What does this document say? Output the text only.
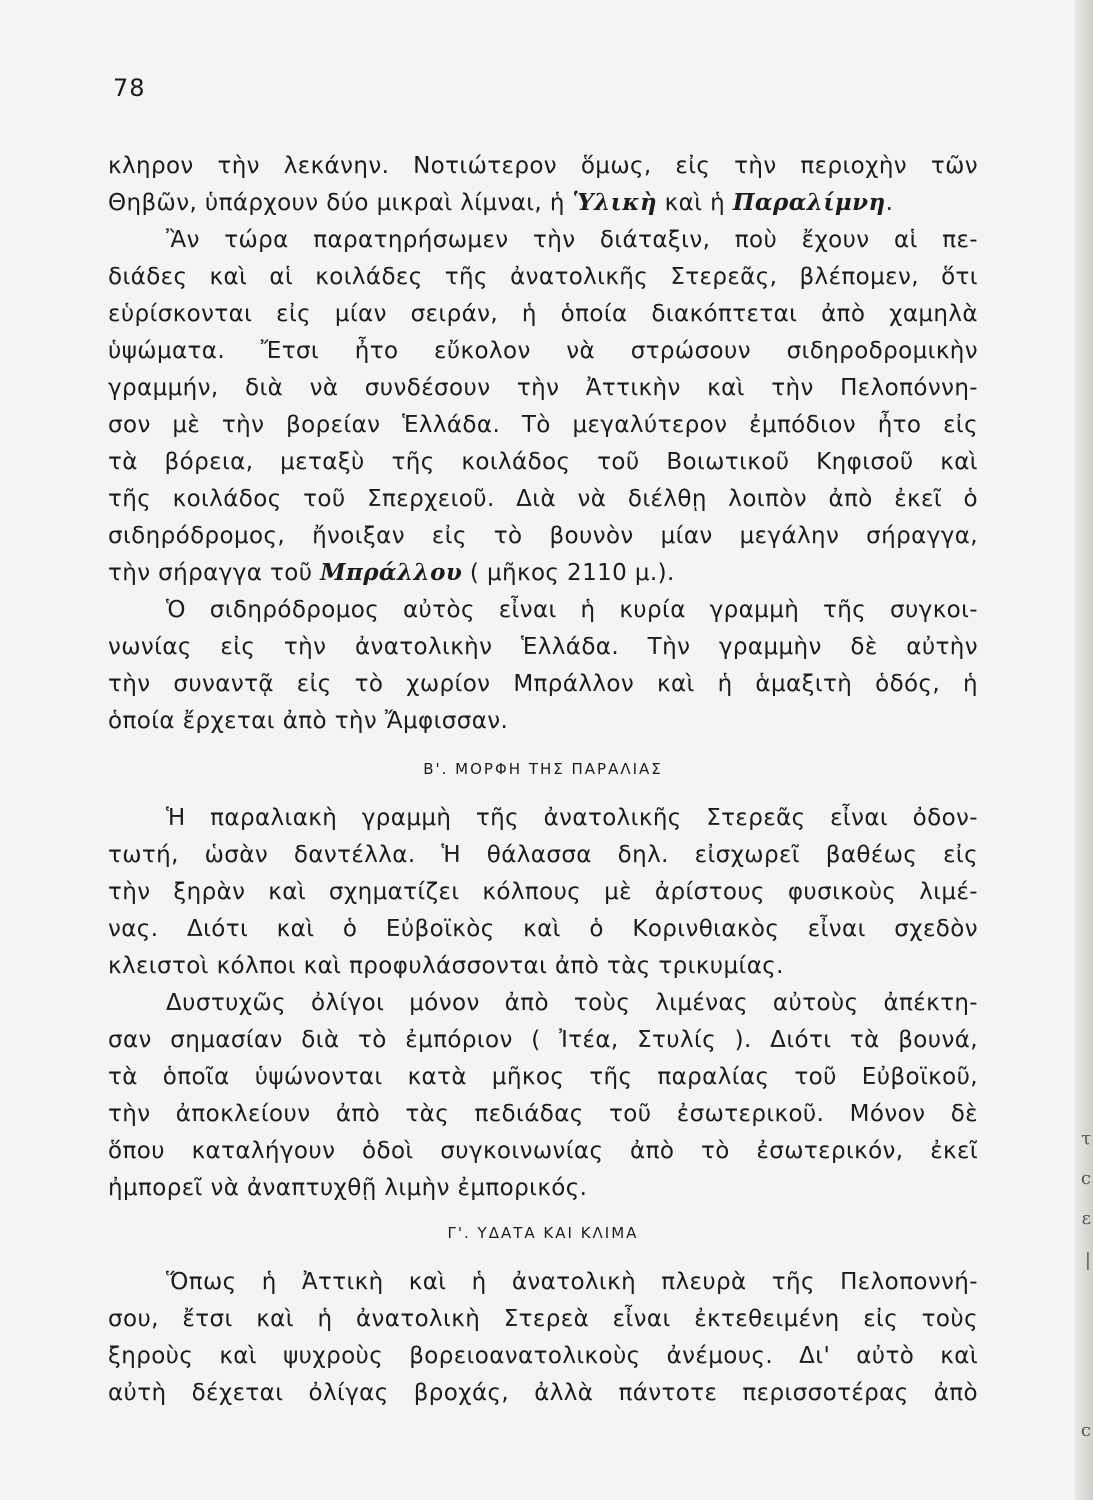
78
κληρον τὴν λεκάνην. Νοτιώτερον ὅμως, εἰς τὴν περιοχὴν τῶν
Θηβῶν, ὑπάρχουν δύο μικραὶ λίμναι, ἡ Ὑλικὴ καὶ ἡ Παραλίμνη.
Ἂν τώρα παρατηρήσωμεν τὴν διάταξιν, ποὺ ἔχουν αἱ πε-
διάδες καὶ αἱ κοιλάδες τῆς ἀνατολικῆς Στερεᾶς, βλέπομεν, ὅτι
εὑρίσκονται εἰς μίαν σειράν, ἡ ὁποία διακόπτεται ἀπὸ χαμηλὰ
ὑψώματα. Ἔτσι ἦτο εὔκολον νὰ στρώσουν σιδηροδρομικὴν
γραμμήν, διὰ νὰ συνδέσουν τὴν Ἀττικὴν καὶ τὴν Πελοπόννη-
σον μὲ τὴν βορείαν Ἑλλάδα. Τὸ μεγαλύτερον ἐμπόδιον ἦτο εἰς
τὰ βόρεια, μεταξὺ τῆς κοιλάδος τοῦ Βοιωτικοῦ Κηφισοῦ καὶ
τῆς κοιλάδος τοῦ Σπερχειοῦ. Διὰ νὰ διέλθῃ λοιπὸν ἀπὸ ἐκεῖ ὁ
σιδηρόδρομος, ἤνοιξαν εἰς τὸ βουνὸν μίαν μεγάλην σήραγγα,
τὴν σήραγγα τοῦ Μπράλλου ( μῆκος 2110 μ.).
Ὁ σιδηρόδρομος αὐτὸς εἶναι ἡ κυρία γραμμὴ τῆς συγκοι-
νωνίας εἰς τὴν ἀνατολικὴν Ἑλλάδα. Τὴν γραμμὴν δὲ αὐτὴν
τὴν συναντᾷ εἰς τὸ χωρίον Μπράλλον καὶ ἡ ἁμαξιτὴ ὁδός, ἡ
ὁποία ἔρχεται ἀπὸ τὴν Ἄμφισσαν.
Β'. ΜΟΡΦΗ ΤΗΣ ΠΑΡΑΛΙΑΣ
Ἡ παραλιακὴ γραμμὴ τῆς ἀνατολικῆς Στερεᾶς εἶναι ὀδον-
τωτή, ὡσὰν δαντέλλα. Ἡ θάλασσα δηλ. εἰσχωρεῖ βαθέως εἰς
τὴν ξηρὰν καὶ σχηματίζει κόλπους μὲ ἀρίστους φυσικοὺς λιμέ-
νας. Διότι καὶ ὁ Εὐβοϊκὸς καὶ ὁ Κορινθιακὸς εἶναι σχεδὸν
κλειστοὶ κόλποι καὶ προφυλάσσονται ἀπὸ τὰς τρικυμίας.
Δυστυχῶς ὀλίγοι μόνον ἀπὸ τοὺς λιμένας αὐτοὺς ἀπέκτη-
σαν σημασίαν διὰ τὸ ἐμπόριον ( Ἰτέα, Στυλίς ). Διότι τὰ βουνά,
τὰ ὁποῖα ὑψώνονται κατὰ μῆκος τῆς παραλίας τοῦ Εὐβοϊκοῦ,
τὴν ἀποκλείουν ἀπὸ τὰς πεδιάδας τοῦ ἐσωτερικοῦ. Μόνον δὲ
ὅπου καταλήγουν ὁδοὶ συγκοινωνίας ἀπὸ τὸ ἐσωτερικόν, ἐκεῖ
ἠμπορεῖ νὰ ἀναπτυχθῇ λιμὴν ἐμπορικός.
Γ'. ΥΔΑΤΑ ΚΑΙ ΚΛΙΜΑ
Ὅπως ἡ Ἀττικὴ καὶ ἡ ἀνατολικὴ πλευρὰ τῆς Πελοποννή-
σου, ἔτσι καὶ ἡ ἀνατολικὴ Στερεὰ εἶναι ἐκτεθειμένη εἰς τοὺς
ξηροὺς καὶ ψυχροὺς βορειοανατολικοὺς ἀνέμους. Δι' αὐτὸ καὶ
αὐτὴ δέχεται ὀλίγας βροχάς, ἀλλὰ πάντοτε περισσοτέρας ἀπὸ
τ
c
ε
|
c
